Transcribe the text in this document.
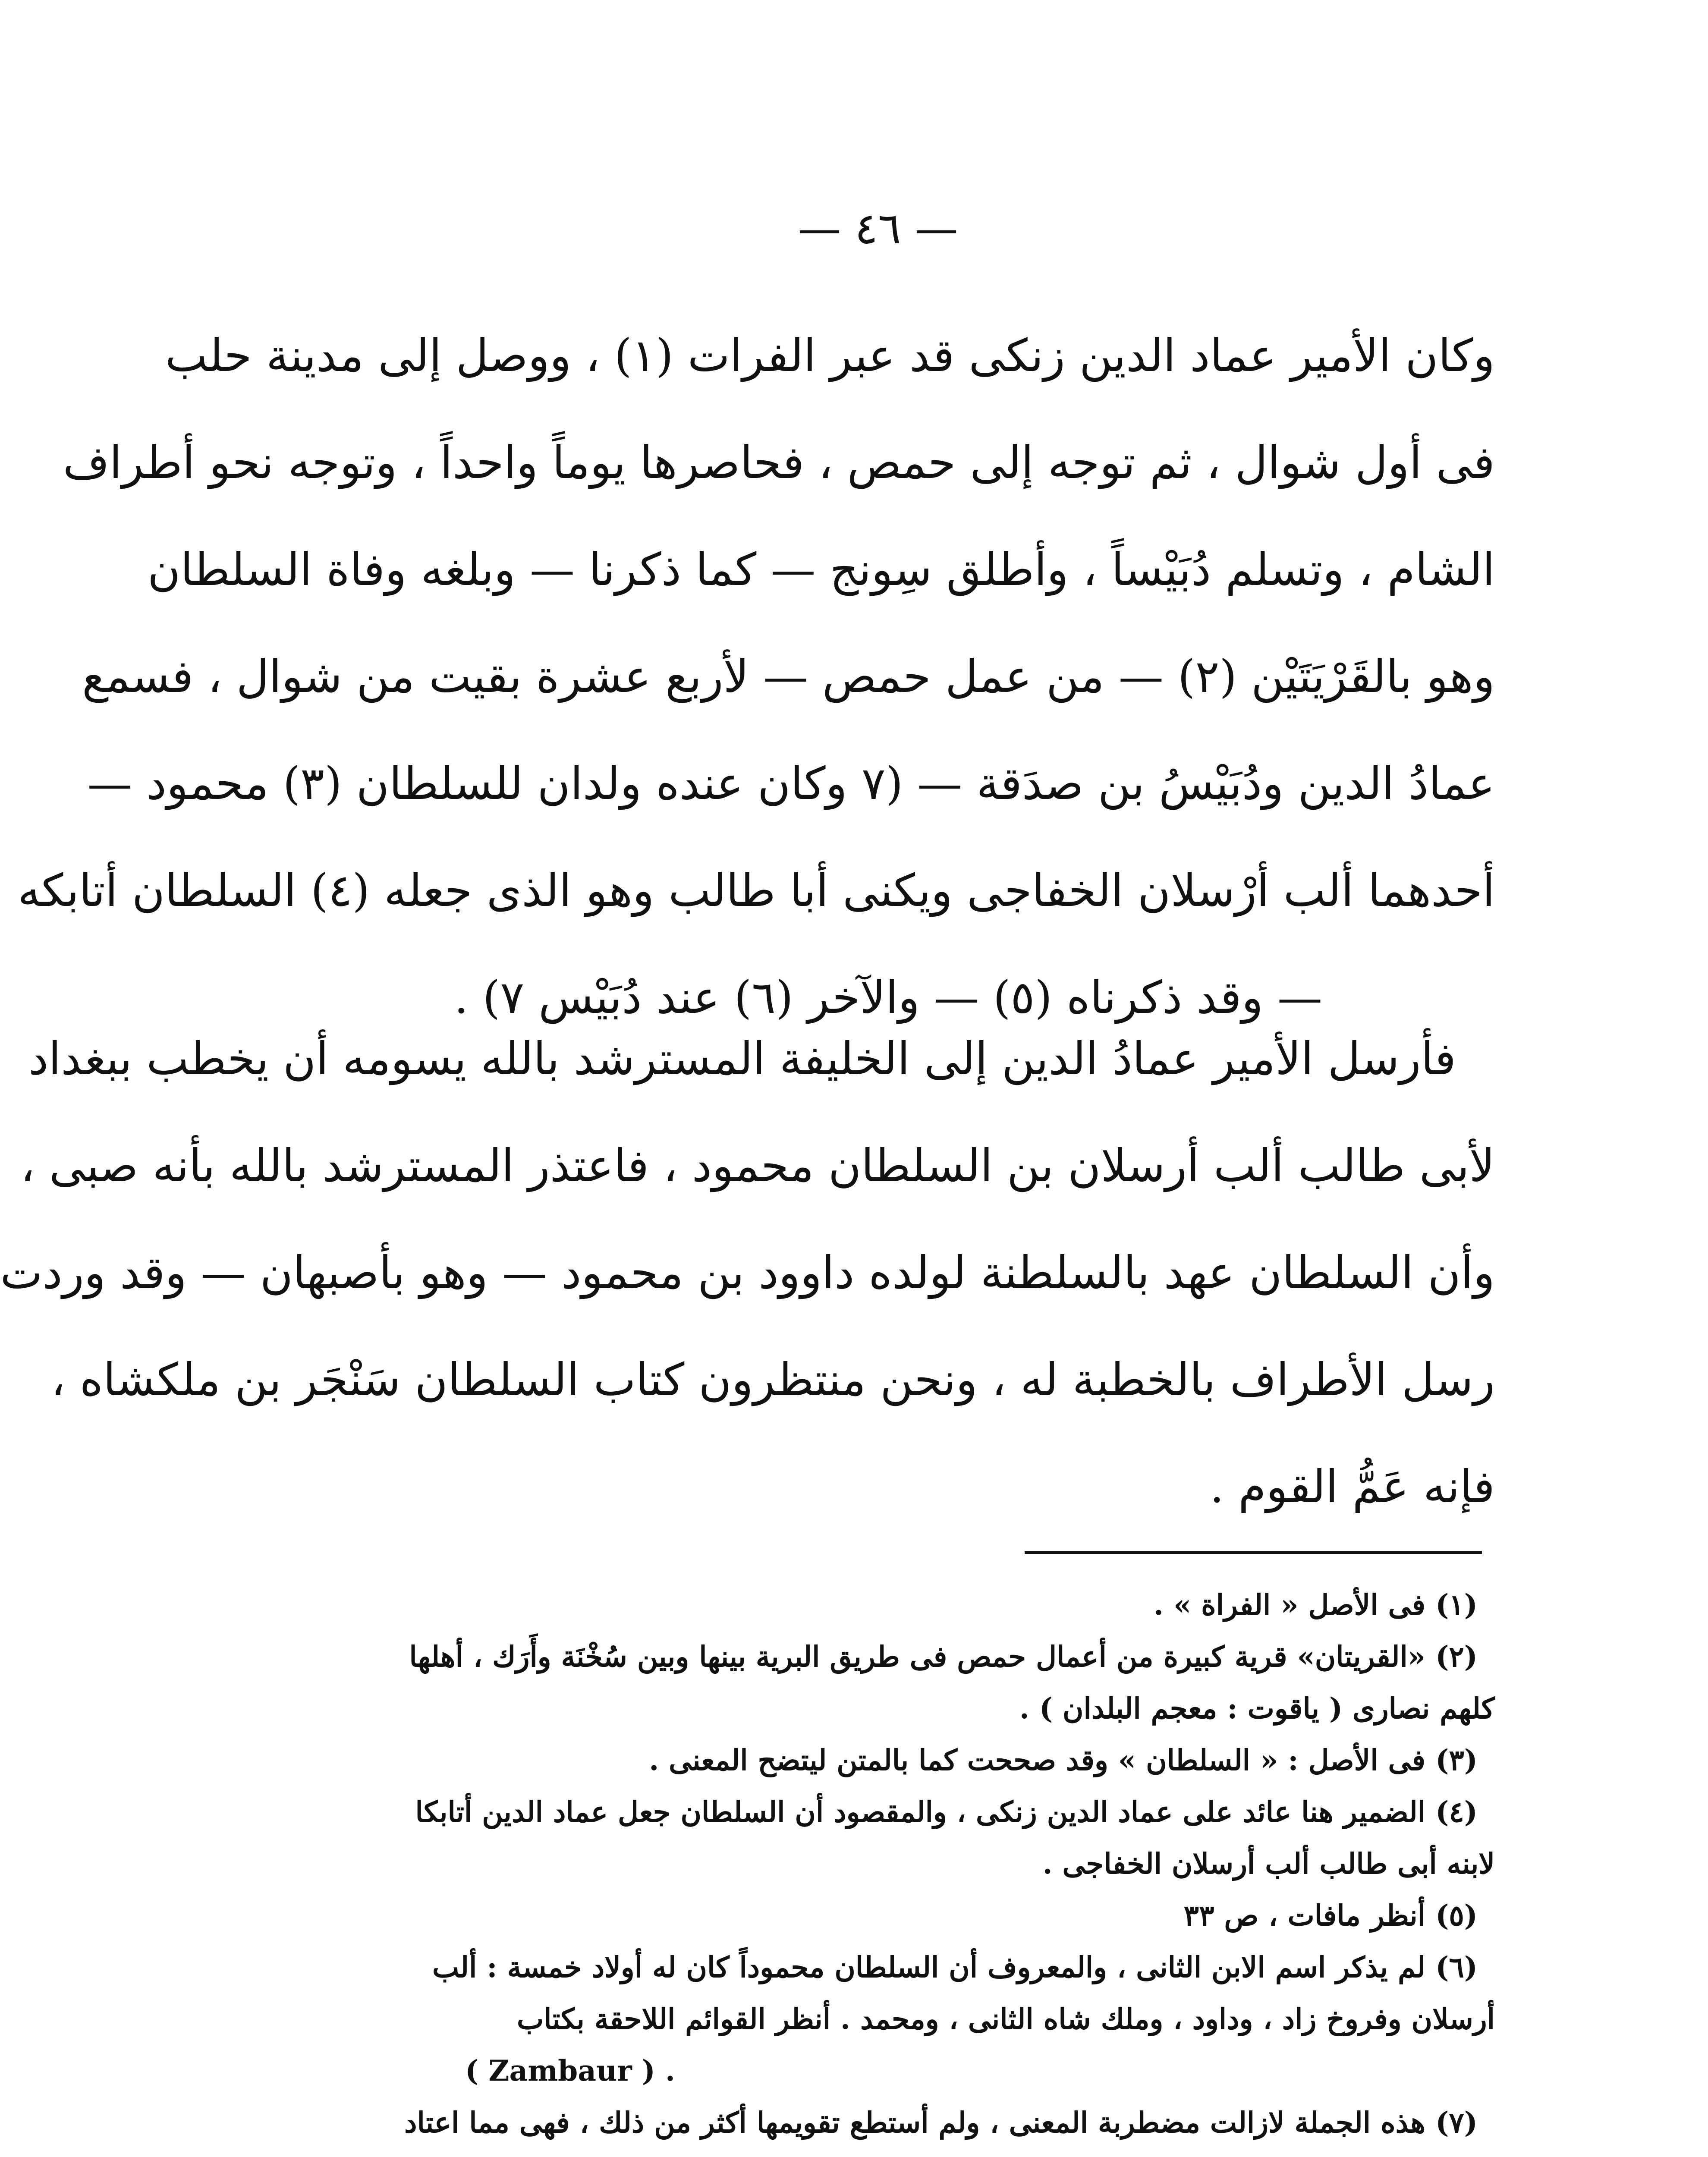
— ٤٦ —
وكان الأمير عماد الدين زنكى قد عبر الفرات (١) ، ووصل إلى مدينة حلب
فى أول شوال ، ثم توجه إلى حمص ، فحاصرها يوماً واحداً ، وتوجه نحو أطراف
الشام ، وتسلم دُبَيْساً ، وأطلق سِونج — كما ذكرنا — وبلغه وفاة السلطان
وهو بالقَرْيَتَيْن (٢) — من عمل حمص — لأربع عشرة بقيت من شوال ، فسمع
عمادُ الدين ودُبَيْسُ بن صدَقة — (٧ وكان عنده ولدان للسلطان (٣) محمود —
أحدهما ألب أرْسلان الخفاجى ويكنى أبا طالب وهو الذى جعله (٤) السلطان أتابكه
— وقد ذكرناه (٥) — والآخر (٦) عند دُبَيْس ٧) .
فأرسل الأمير عمادُ الدين إلى الخليفة المسترشد بالله يسومه أن يخطب ببغداد
لأبى طالب ألب أرسلان بن السلطان محمود ، فاعتذر المسترشد بالله بأنه صبى ،
وأن السلطان عهد بالسلطنة لولده داوود بن محمود — وهو بأصبهان — وقد وردت
رسل الأطراف بالخطبة له ، ونحن منتظرون كتاب السلطان سَنْجَر بن ملكشاه ،
فإنه عَمُّ القوم .
(١) فى الأصل « الفراة » .
(٢) «القريتان» قرية كبيرة من أعمال حمص فى طريق البرية بينها وبين سُخْنَة وأَرَك ، أهلها
كلهم نصارى ( ياقوت : معجم البلدان ) .
(٣) فى الأصل : « السلطان » وقد صححت كما بالمتن ليتضح المعنى .
(٤) الضمير هنا عائد على عماد الدين زنكى ، والمقصود أن السلطان جعل عماد الدين أتابكا
لابنه أبى طالب ألب أرسلان الخفاجى .
(٥) أنظر مافات ، ص ٣٣
(٦) لم يذكر اسم الابن الثانى ، والمعروف أن السلطان محموداً كان له أولاد خمسة : ألب
أرسلان وفروخ زاد ، وداود ، وملك شاه الثانى ، ومحمد . أنظر القوائم اللاحقة بكتاب
. ( Zambaur )
(٧) هذه الجملة لازالت مضطربة المعنى ، ولم أستطع تقويمها أكثر من ذلك ، فهى مما اعتاد
